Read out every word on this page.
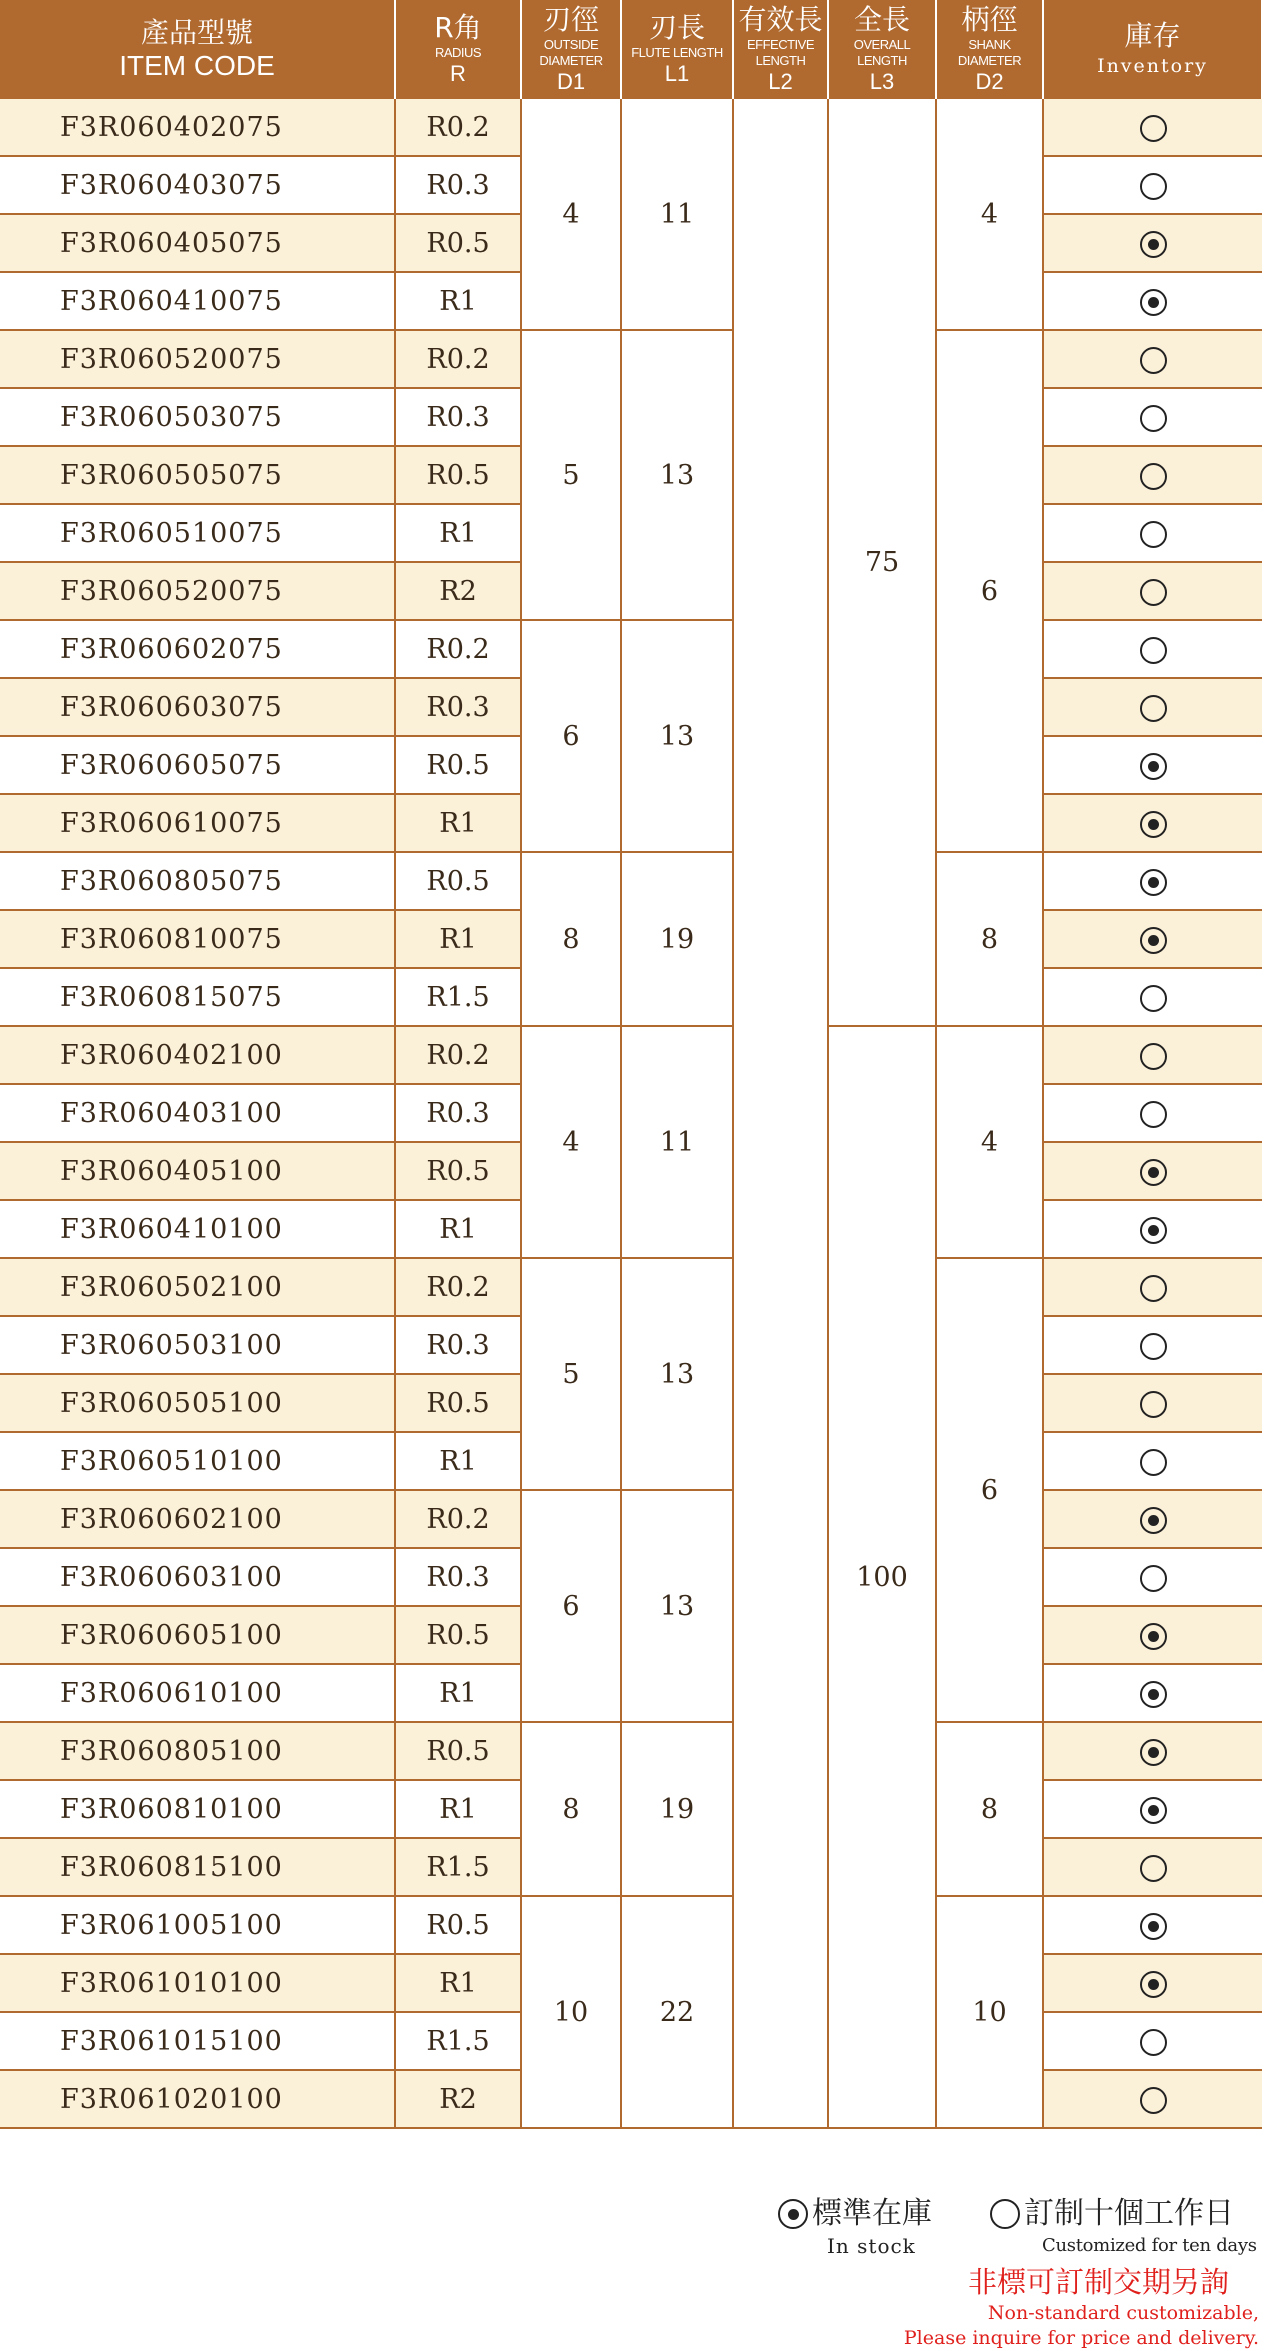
產品型號
ITEM CODE	R角
RADIUS
R	刃徑
OUTSIDE DIAMETER
D1	刃長
FLUTE LENGTH
L1	有效長
EFFECTIVE LENGTH
L2	全長
OVERALL LENGTH
L3	柄徑
SHANK DIAMETER
D2	庫存
Inventory

F3R060402075	R0.2	4	11		75	4	
F3R060403075	R0.3						
F3R060405075	R0.5						
F3R060410075	R1						
F3R060520075	R0.2	5	13			6	
F3R060503075	R0.3						
F3R060505075	R0.5						
F3R060510075	R1						
F3R060520075	R2						
F3R060602075	R0.2	6	13				
F3R060603075	R0.3						
F3R060605075	R0.5						
F3R060610075	R1						
F3R060805075	R0.5	8	19			8	
F3R060810075	R1						
F3R060815075	R1.5						
F3R060402100	R0.2	4	11		100	4	
F3R060403100	R0.3						
F3R060405100	R0.5						
F3R060410100	R1						
F3R060502100	R0.2	5	13			6	
F3R060503100	R0.3						
F3R060505100	R0.5						
F3R060510100	R1						
F3R060602100	R0.2	6	13				
F3R060603100	R0.3						
F3R060605100	R0.5						
F3R060610100	R1						
F3R060805100	R0.5	8	19			8	
F3R060810100	R1						
F3R060815100	R1.5						
F3R061005100	R0.5	10	22			10	
F3R061010100	R1						
F3R061015100	R1.5						
F3R061020100	R2						
標準在庫
In stock
訂制十個工作日
Customized for ten days
非標可訂制交期另詢
Non-standard customizable,
Please inquire for price and delivery.
